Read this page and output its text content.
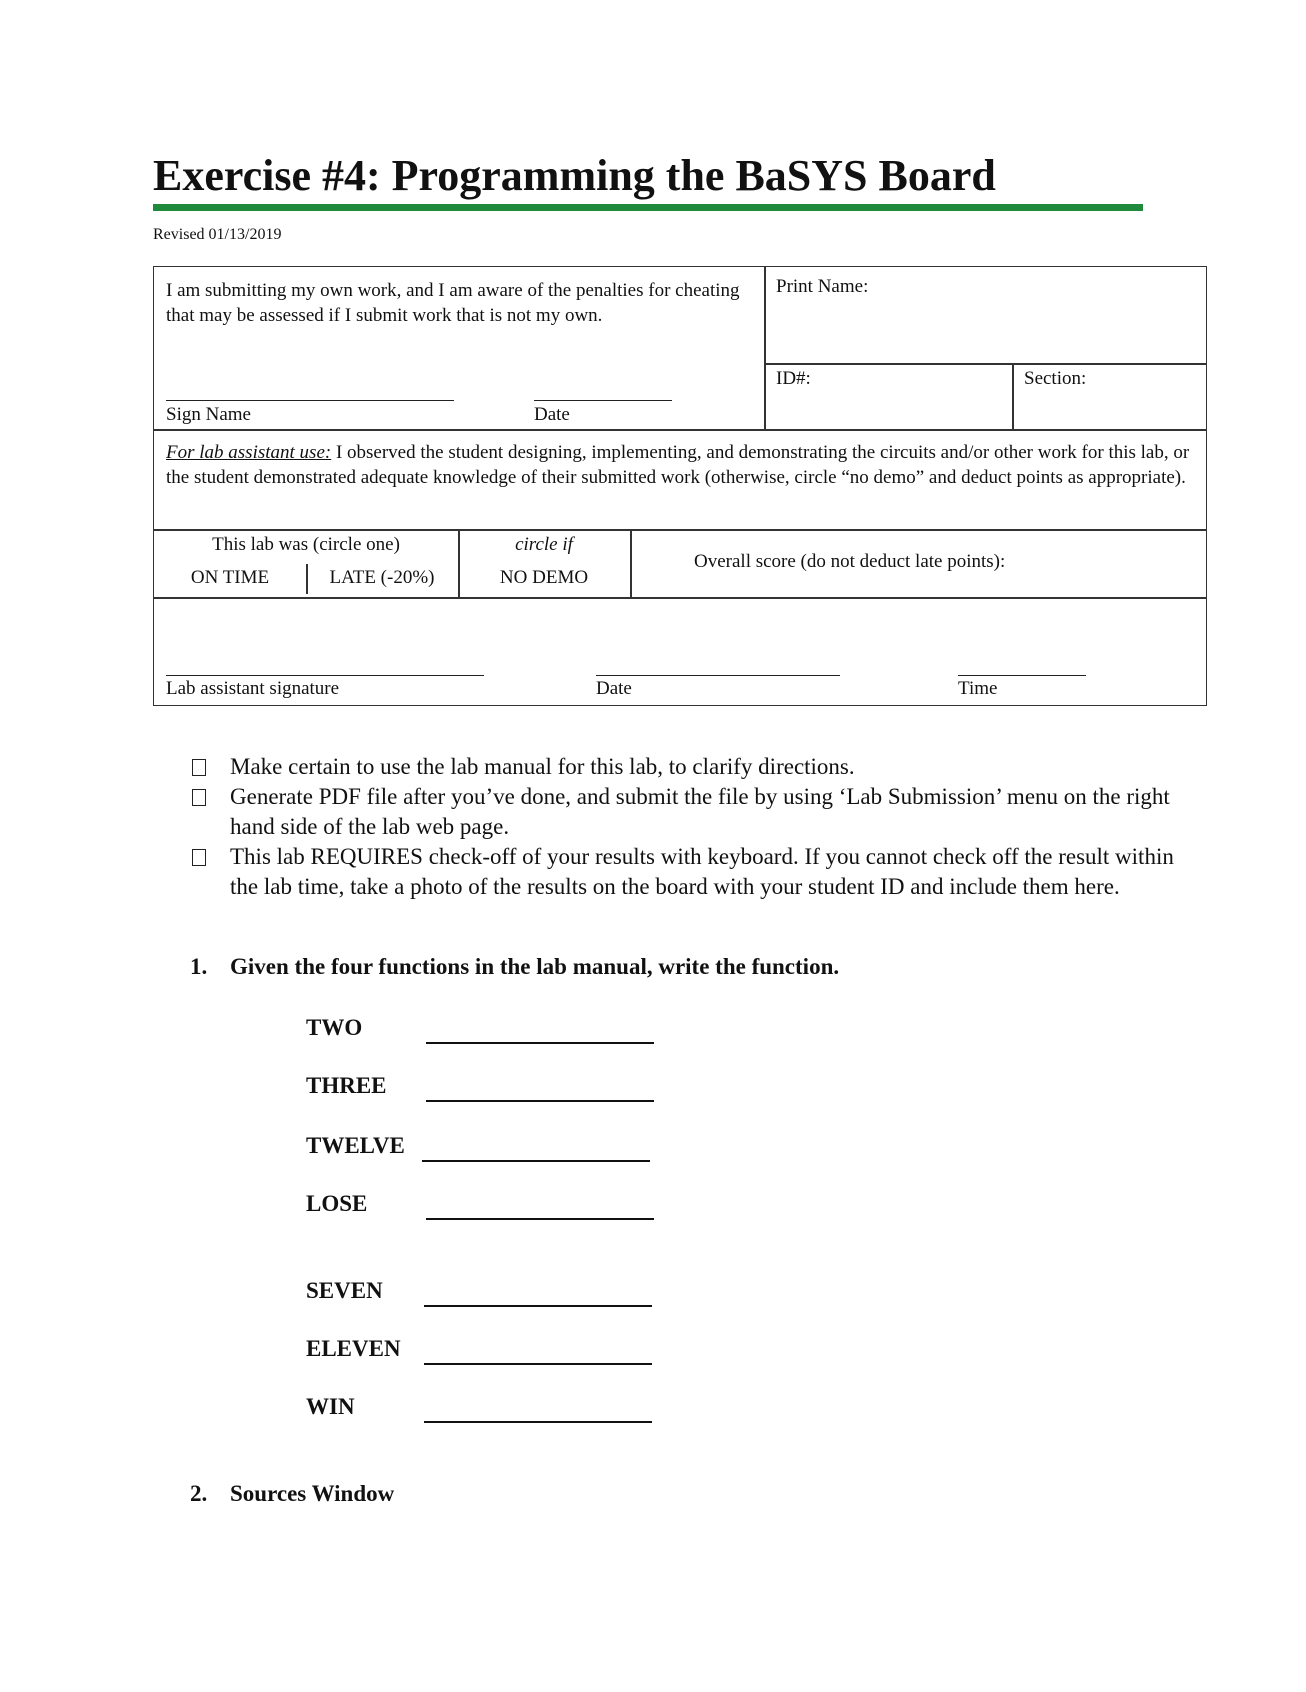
Exercise #4: Programming the BaSYS Board
Revised 01/13/2019
I am submitting my own work, and I am aware of the penalties for cheating that may be assessed if I submit work that is not my own.
Sign Name	Date
Print Name:
ID#:	Section:
For lab assistant use: I observed the student designing, implementing, and demonstrating the circuits and/or other work for this lab, or the student demonstrated adequate knowledge of their submitted work (otherwise, circle “no demo” and deduct points as appropriate).
This lab was (circle one)
ON TIME	LATE (-20%)
circle if
NO DEMO
Overall score (do not deduct late points):
Lab assistant signature	Date	Time
Make certain to use the lab manual for this lab, to clarify directions.
Generate PDF file after you’ve done, and submit the file by using ‘Lab Submission’ menu on the right hand side of the lab web page.
This lab REQUIRES check-off of your results with keyboard. If you cannot check off the result within the lab time, take a photo of the results on the board with your student ID and include them here.
1. Given the four functions in the lab manual, write the function.
TWO
THREE
TWELVE
LOSE
SEVEN
ELEVEN
WIN
2. Sources Window
